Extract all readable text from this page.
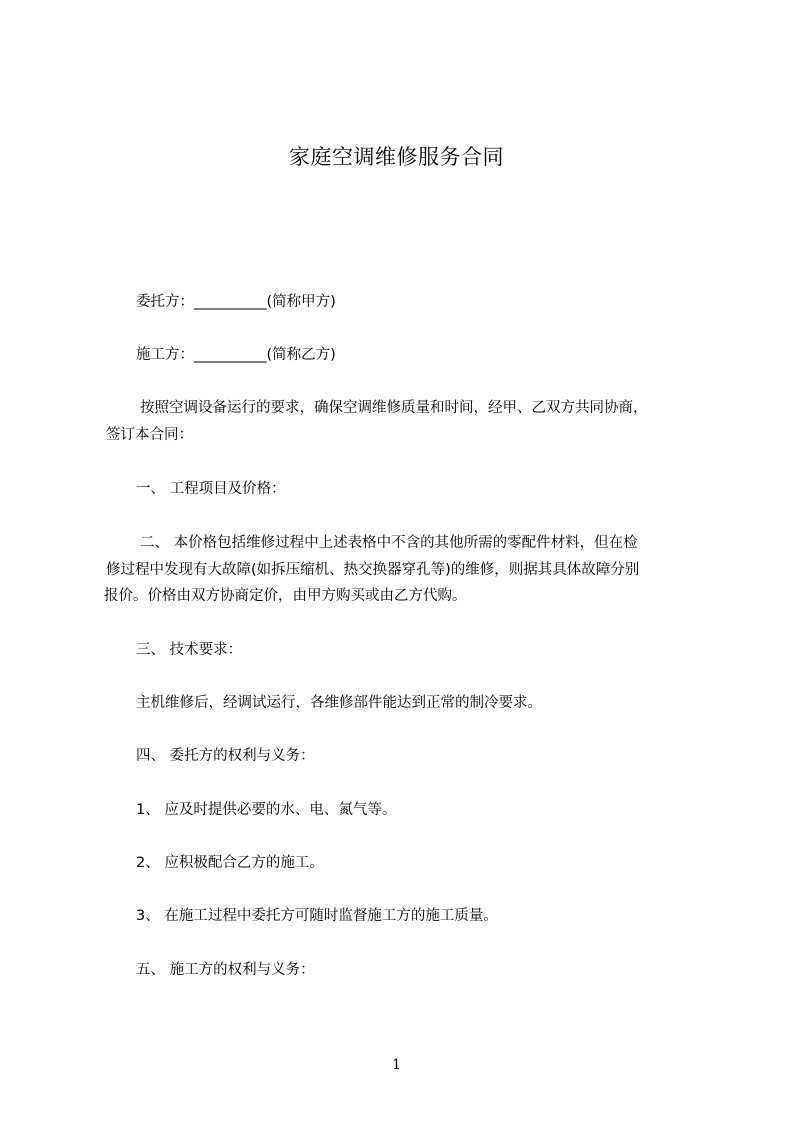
家庭空调维修服务合同
委托方：__________(简称甲方)
施工方：__________(简称乙方)
按照空调设备运行的要求，确保空调维修质量和时间，经甲、乙双方共同协商，
签订本合同：
一、 工程项目及价格：
二、 本价格包括维修过程中上述表格中不含的其他所需的零配件材料，但在检
修过程中发现有大故障(如拆压缩机、热交换器穿孔等)的维修，则据其具体故障分别
报价。价格由双方协商定价，由甲方购买或由乙方代购。
三、 技术要求：
主机维修后，经调试运行，各维修部件能达到正常的制冷要求。
四、 委托方的权利与义务：
1、 应及时提供必要的水、电、氮气等。
2、 应积极配合乙方的施工。
3、 在施工过程中委托方可随时监督施工方的施工质量。
五、 施工方的权利与义务：
1
